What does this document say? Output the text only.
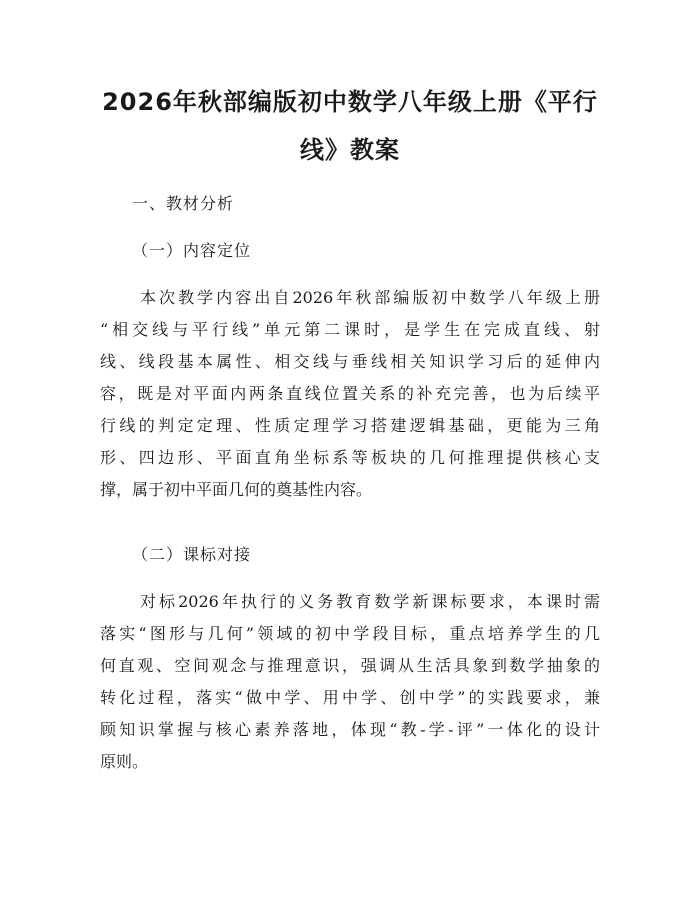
2026年秋部编版初中数学八年级上册《平行
线》教案

一、教材分析

（一）内容定位

本次教学内容出自2026年秋部编版初中数学八年级上册
“相交线与平行线”单元第二课时，是学生在完成直线、射
线、线段基本属性、相交线与垂线相关知识学习后的延伸内
容，既是对平面内两条直线位置关系的补充完善，也为后续平
行线的判定定理、性质定理学习搭建逻辑基础，更能为三角
形、四边形、平面直角坐标系等板块的几何推理提供核心支
撑，属于初中平面几何的奠基性内容。

（二）课标对接

对标2026年执行的义务教育数学新课标要求，本课时需
落实“图形与几何”领域的初中学段目标，重点培养学生的几
何直观、空间观念与推理意识，强调从生活具象到数学抽象的
转化过程，落实“做中学、用中学、创中学”的实践要求，兼
顾知识掌握与核心素养落地，体现“教-学-评”一体化的设计
原则。
